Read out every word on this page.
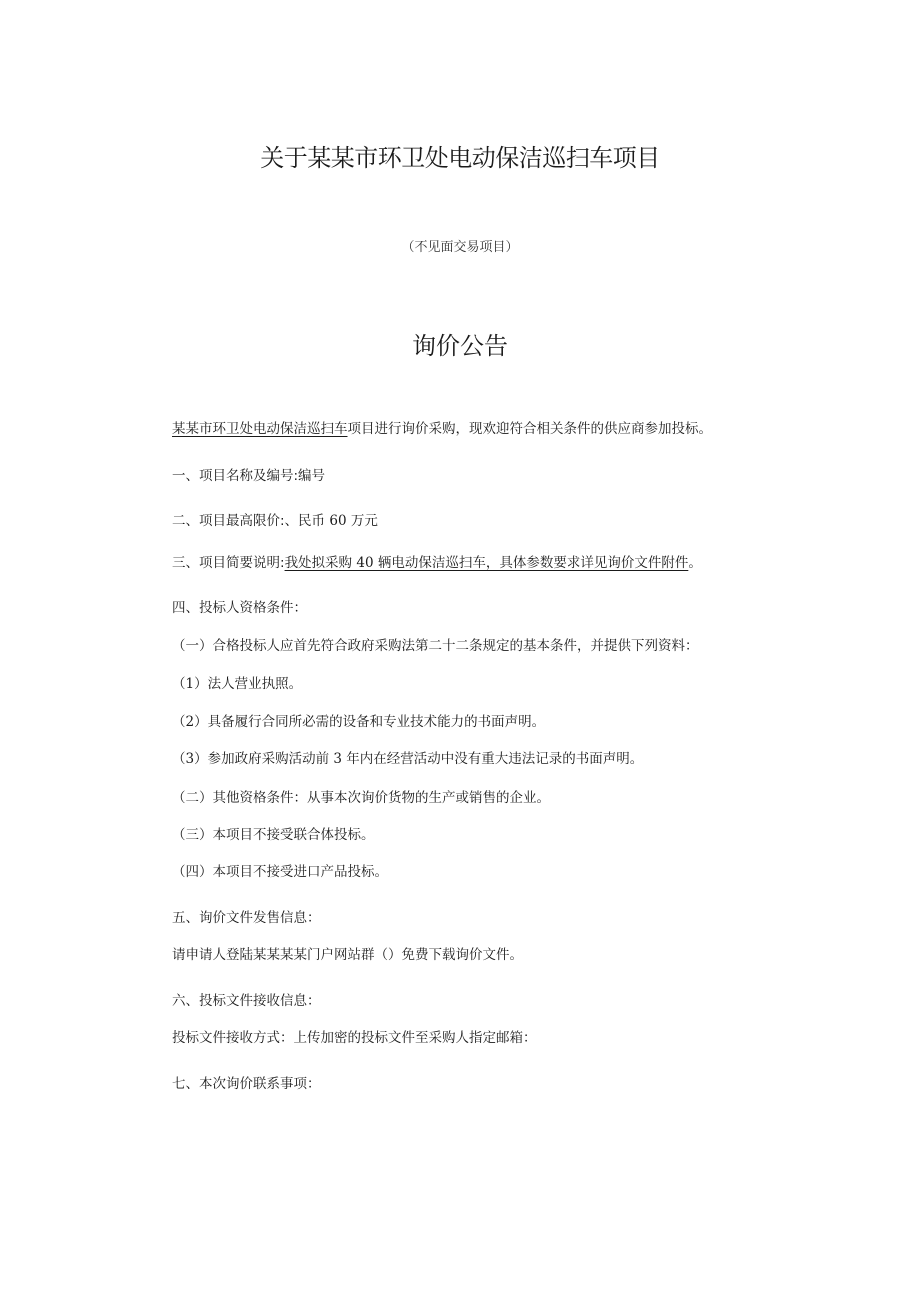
关于某某市环卫处电动保洁巡扫车项目
（不见面交易项目）
询价公告
某某市环卫处电动保洁巡扫车项目进行询价采购，现欢迎符合相关条件的供应商参加投标。
一、项目名称及编号:编号
二、项目最高限价:、民币 60 万元
三、项目简要说明:我处拟采购 40 辆电动保洁巡扫车，具体参数要求详见询价文件附件。
四、投标人资格条件：
（一）合格投标人应首先符合政府采购法第二十二条规定的基本条件，并提供下列资料：
（1）法人营业执照。
（2）具备履行合同所必需的设备和专业技术能力的书面声明。
（3）参加政府采购活动前 3 年内在经营活动中没有重大违法记录的书面声明。
（二）其他资格条件：从事本次询价货物的生产或销售的企业。
（三）本项目不接受联合体投标。
（四）本项目不接受进口产品投标。
五、询价文件发售信息：
请申请人登陆某某某某门户网站群（）免费下载询价文件。
六、投标文件接收信息：
投标文件接收方式：上传加密的投标文件至采购人指定邮箱：
七、本次询价联系事项：
